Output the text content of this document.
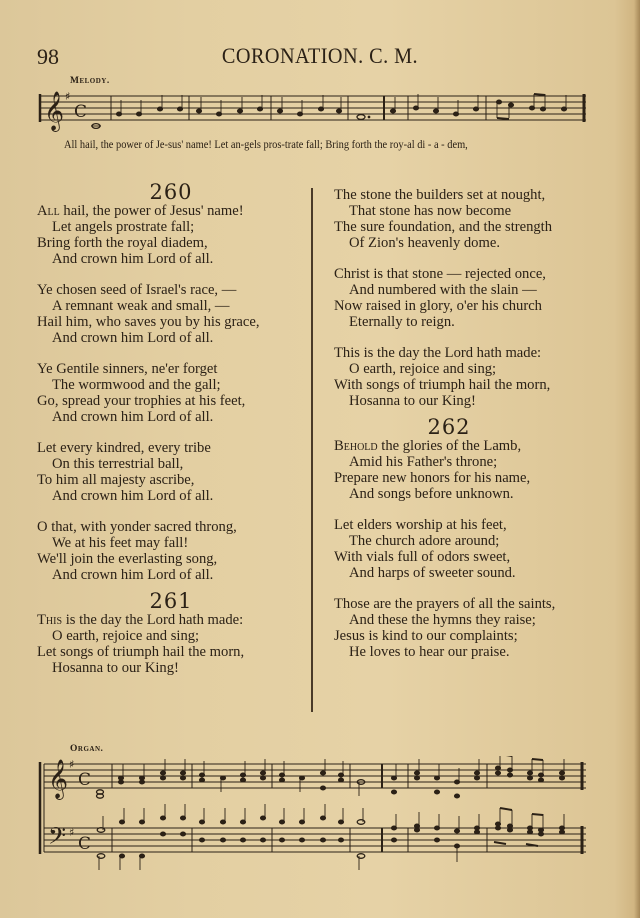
98	CORONATION. C. M.
Melody.
𝄞 ♯
C
All hail, the power of Je-sus' name! Let an-gels pros-trate fall; Bring forth the roy-al di - a - dem,
260
All hail, the power of Jesus' name!
Let angels prostrate fall;
Bring forth the royal diadem,
And crown him Lord of all.
Ye chosen seed of Israel's race, —
A remnant weak and small, —
Hail him, who saves you by his grace,
And crown him Lord of all.
Ye Gentile sinners, ne'er forget
The wormwood and the gall;
Go, spread your trophies at his feet,
And crown him Lord of all.
Let every kindred, every tribe
On this terrestrial ball,
To him all majesty ascribe,
And crown him Lord of all.
O that, with yonder sacred throng,
We at his feet may fall!
We'll join the everlasting song,
And crown him Lord of all.
261
This is the day the Lord hath made:
O earth, rejoice and sing;
Let songs of triumph hail the morn,
Hosanna to our King!
The stone the builders set at nought,
That stone has now become
The sure foundation, and the strength
Of Zion's heavenly dome.
Christ is that stone — rejected once,
And numbered with the slain —
Now raised in glory, o'er his church
Eternally to reign.
This is the day the Lord hath made:
O earth, rejoice and sing;
With songs of triumph hail the morn,
Hosanna to our King!
262
Behold the glories of the Lamb,
Amid his Father's throne;
Prepare new honors for his name,
And songs before unknown.
Let elders worship at his feet,
The church adore around;
With vials full of odors sweet,
And harps of sweeter sound.
Those are the prayers of all the saints,
And these the hymns they raise;
Jesus is kind to our complaints;
He loves to hear our praise.
Organ.
𝄞 ♯
C
𝄢 ♯
C
